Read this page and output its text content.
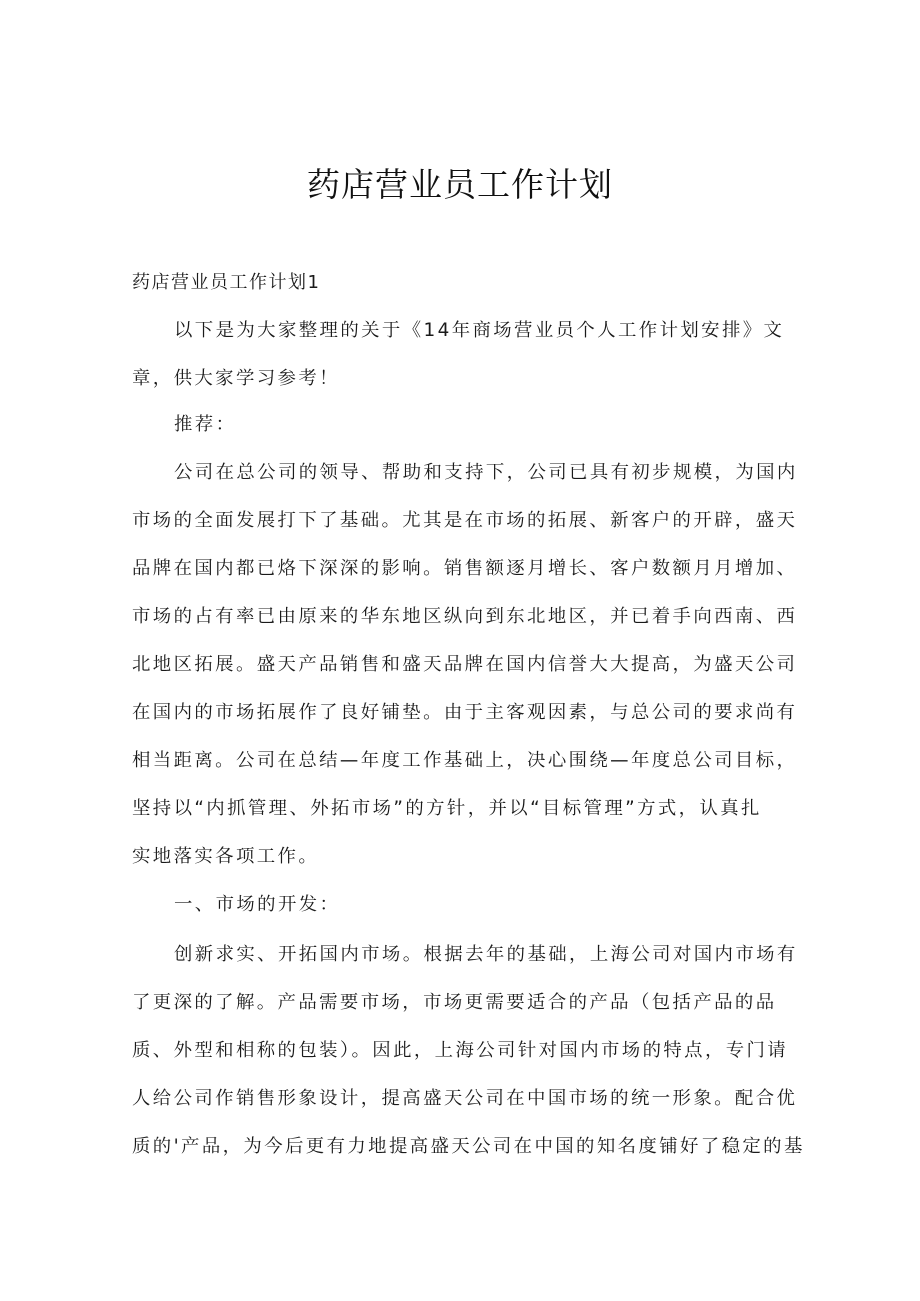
药店营业员工作计划

药店营业员工作计划1

以下是为大家整理的关于《14年商场营业员个人工作计划安排》文

章，供大家学习参考！

推荐：

公司在总公司的领导、帮助和支持下，公司已具有初步规模，为国内

市场的全面发展打下了基础。尤其是在市场的拓展、新客户的开辟，盛天

品牌在国内都已烙下深深的影响。销售额逐月增长、客户数额月月增加、

市场的占有率已由原来的华东地区纵向到东北地区，并已着手向西南、西

北地区拓展。盛天产品销售和盛天品牌在国内信誉大大提高，为盛天公司

在国内的市场拓展作了良好铺垫。由于主客观因素，与总公司的要求尚有

相当距离。公司在总结—年度工作基础上，决心围绕—年度总公司目标，

坚持以“内抓管理、外拓市场”的方针，并以“目标管理”方式，认真扎

实地落实各项工作。

一、市场的开发：

创新求实、开拓国内市场。根据去年的基础，上海公司对国内市场有

了更深的了解。产品需要市场，市场更需要适合的产品（包括产品的品

质、外型和相称的包装）。因此，上海公司针对国内市场的特点，专门请

人给公司作销售形象设计，提高盛天公司在中国市场的统一形象。配合优

质的'产品，为今后更有力地提高盛天公司在中国的知名度铺好了稳定的基
